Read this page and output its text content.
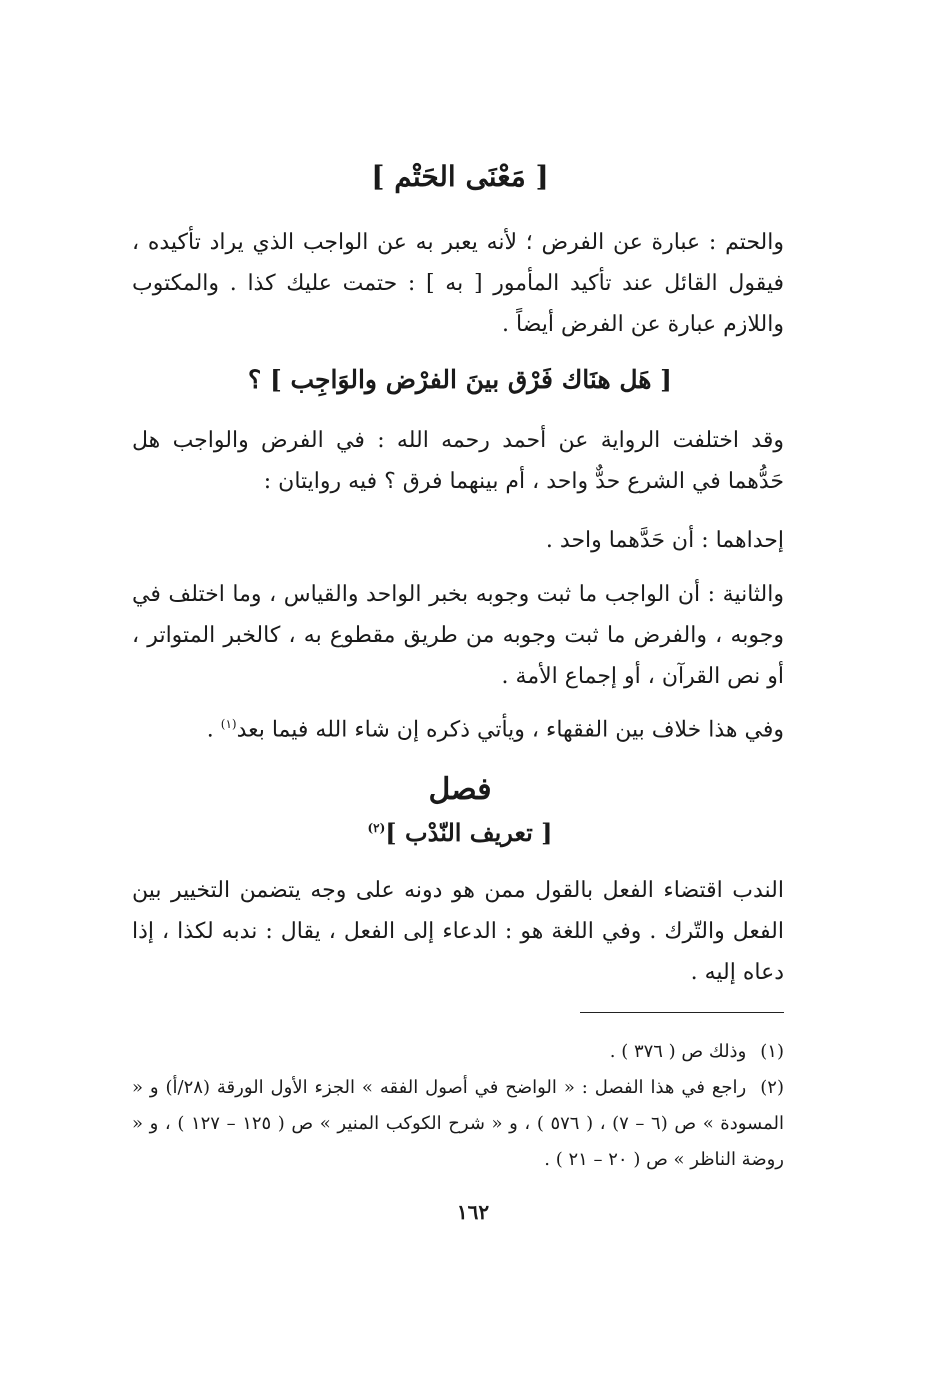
[ مَعْنَى الحَتْم ]
والحتم : عبارة عن الفرض ؛ لأنه يعبر به عن الواجب الذي يراد تأكيده ، فيقول القائل عند تأكيد المأمور [ به ] : حتمت عليك كذا . والمكتوب واللازم عبارة عن الفرض أيضاً .
[ هَل هنَاك فَرْق بينَ الفرْض والوَاجِب ] ؟
وقد اختلفت الرواية عن أحمد رحمه الله : في الفرض والواجب هل حَدُّهما في الشرع حدٌّ واحد ، أم بينهما فرق ؟ فيه روايتان :
إحداهما : أن حَدَّهما واحد .
والثانية : أن الواجب ما ثبت وجوبه بخبر الواحد والقياس ، وما اختلف في وجوبه ، والفرض ما ثبت وجوبه من طريق مقطوع به ، كالخبر المتواتر ، أو نص القرآن ، أو إجماع الأمة .
وفي هذا خلاف بين الفقهاء ، ويأتي ذكره إن شاء الله فيما بعد$^{(١)}$ .
فصل
[ تعريف النّدْب ]$^{(٢)}$
الندب اقتضاء الفعل بالقول ممن هو دونه على وجه يتضمن التخيير بين الفعل والتّرك . وفي اللغة هو : الدعاء إلى الفعل ، يقال : ندبه لكذا ، إذا دعاه إليه .
(١)وذلك ص ( ٣٧٦ ) .
(٢)راجع في هذا الفصل : « الواضح في أصول الفقه » الجزء الأول الورقة (٢٨/أ) و « المسودة » ص (٦ – ٧) ، ( ٥٧٦ ) ، و « شرح الكوكب المنير » ص ( ١٢٥ – ١٢٧ ) ، و « روضة الناظر » ص ( ٢٠ – ٢١ ) .
١٦٢
